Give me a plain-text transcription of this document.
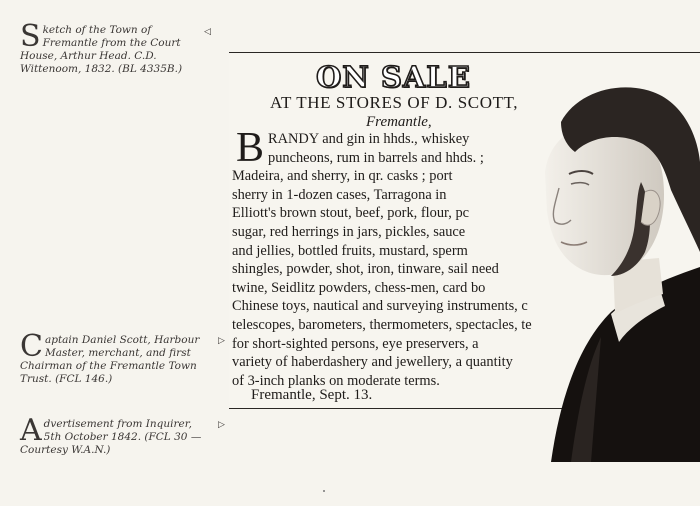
Sketch of the Town of Fremantle from the Court House, Arthur Head. C.D. Wittenoom, 1832. (BL 4335B.)
◁
Captain Daniel Scott, Harbour Master, merchant, and first Chairman of the Fremantle Town Trust. (FCL 146.)
▷
Advertisement from Inquirer, 5th October 1842. (FCL 30 — Courtesy W.A.N.)
▷
ON SALE
AT THE STORES OF D. SCOTT,
Fremantle,
B RANDY and gin in hhds., whiskey
puncheons, rum in barrels and hhds. ;
Madeira, and sherry, in qr. casks ; port
sherry in 1-dozen cases, Tarragona in
Elliott's brown stout, beef, pork, flour, pc
sugar, red herrings in jars, pickles, sauce
and jellies, bottled fruits, mustard, sperm
shingles, powder, shot, iron, tinware, sail need
twine, Seidlitz powders, chess-men, card bo
Chinese toys, nautical and surveying instruments, c
telescopes, barometers, thermometers, spectacles, te
for short-sighted persons, eye preservers, a
variety of haberdashery and jewellery, a quantity
of 3-inch planks on moderate terms.
Fremantle, Sept. 13.
